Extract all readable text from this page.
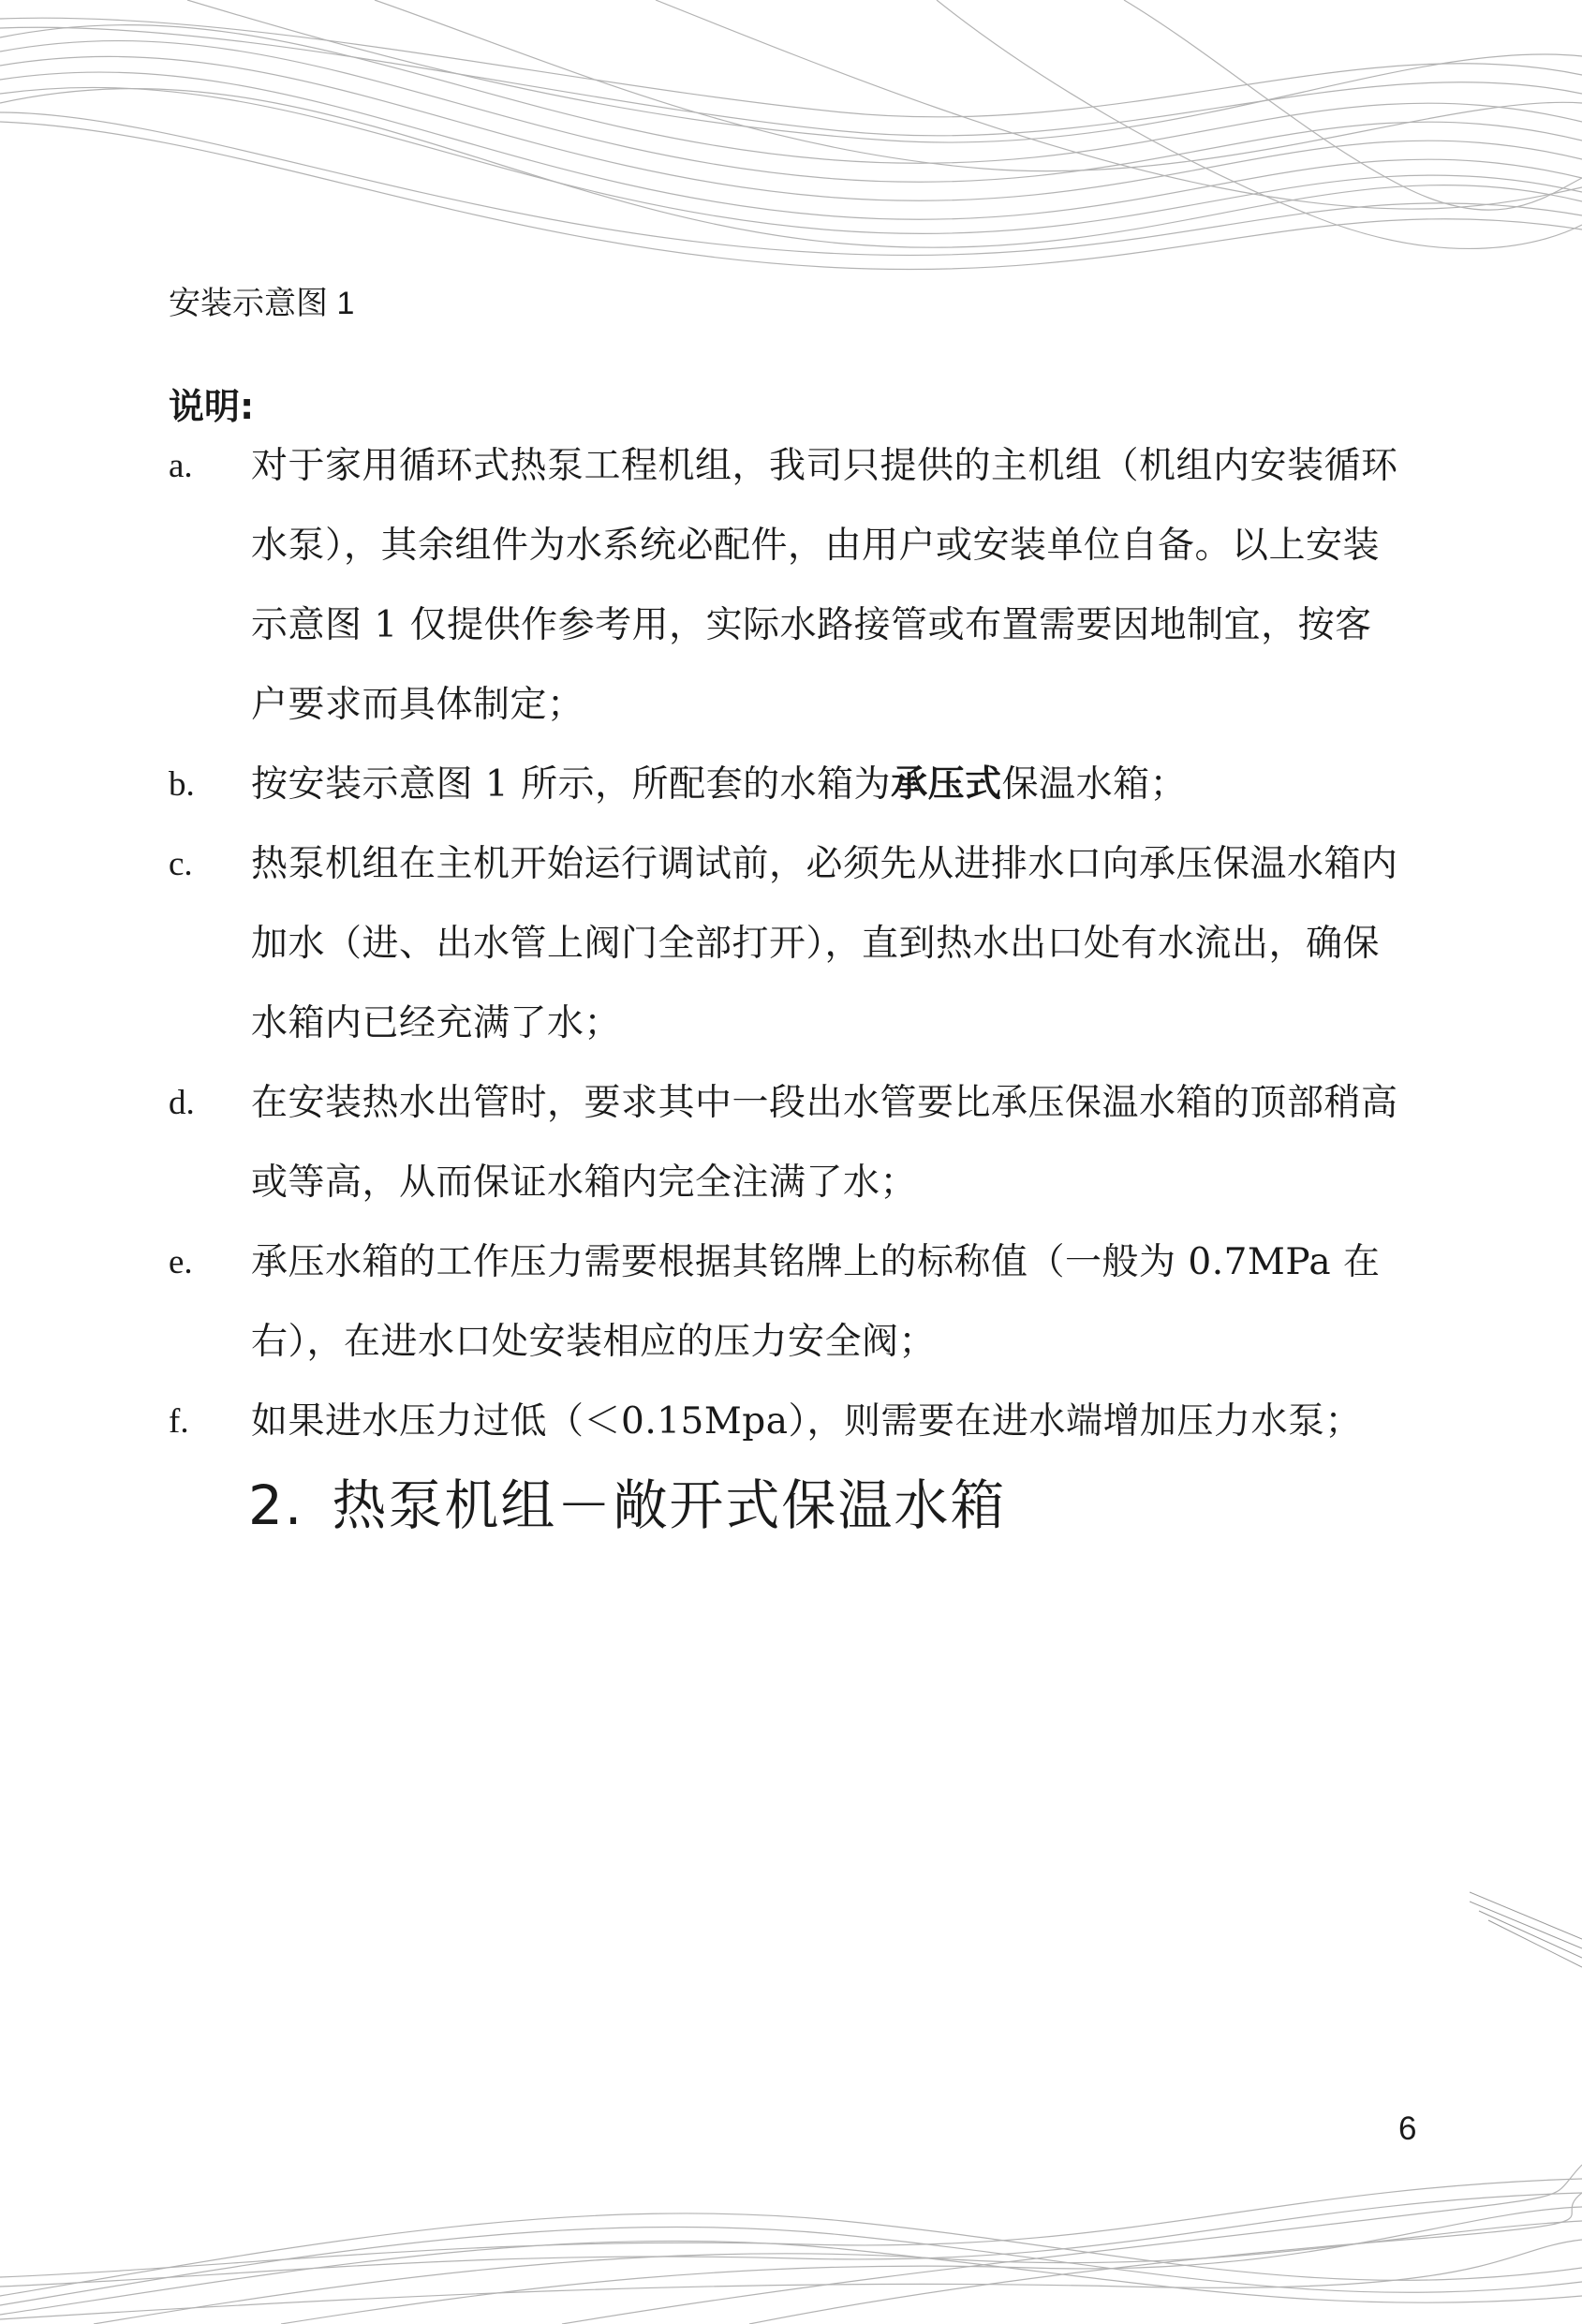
安装示意图 1
说明:
a. 对于家用循环式热泵工程机组，我司只提供的主机组（机组内安装循环水泵），其余组件为水系统必配件，由用户或安装单位自备。以上安装示意图 1 仅提供作参考用，实际水路接管或布置需要因地制宜，按客户要求而具体制定；
b. 按安装示意图 1 所示，所配套的水箱为承压式保温水箱；
c. 热泵机组在主机开始运行调试前，必须先从进排水口向承压保温水箱内加水（进、出水管上阀门全部打开），直到热水出口处有水流出，确保水箱内已经充满了水；
d. 在安装热水出管时，要求其中一段出水管要比承压保温水箱的顶部稍高或等高，从而保证水箱内完全注满了水；
e. 承压水箱的工作压力需要根据其铭牌上的标称值（一般为 0.7MPa 在右），在进水口处安装相应的压力安全阀；
f. 如果进水压力过低（＜0.15Mpa），则需要在进水端增加压力水泵；
2. 热泵机组－敞开式保温水箱
6
